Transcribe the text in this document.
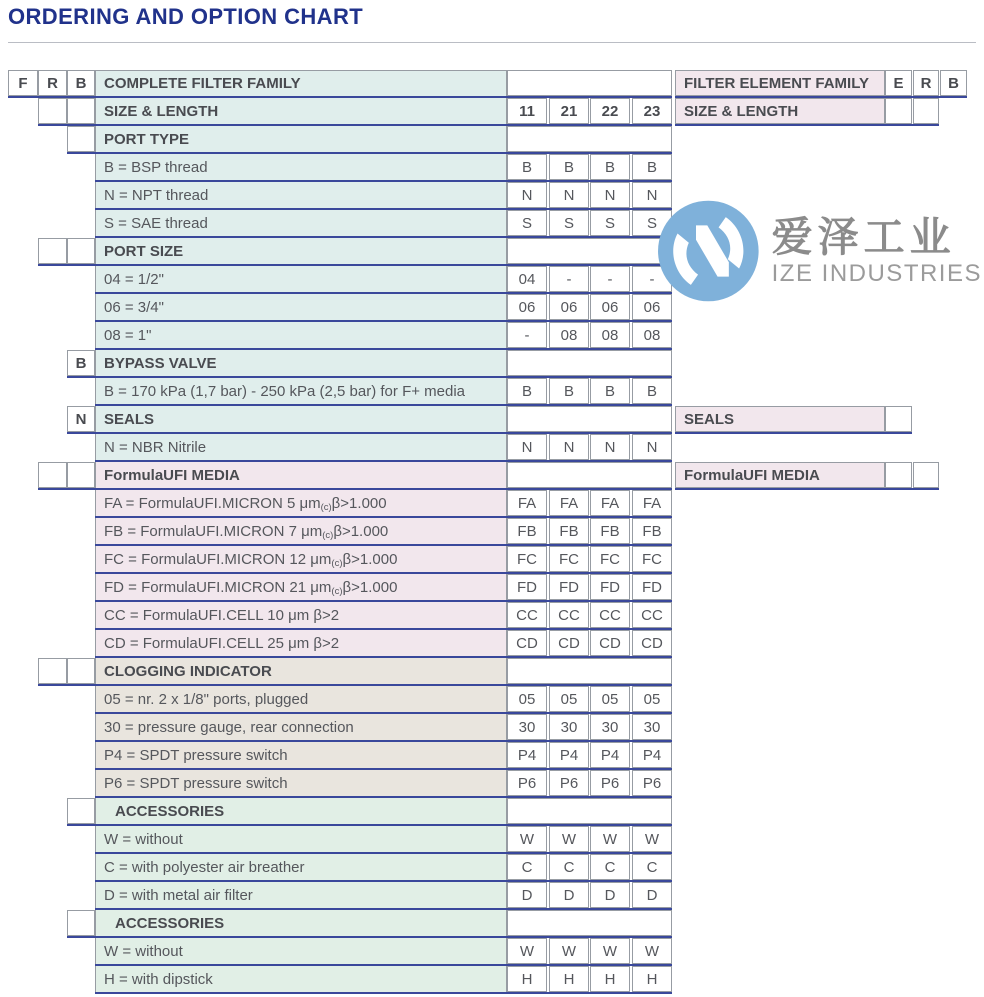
ORDERING AND OPTION CHART
F	R	B	COMPLETE FILTER FAMILY	FILTER ELEMENT FAMILY	E	R	B
SIZE & LENGTH	11	21	22	23	SIZE & LENGTH
PORT TYPE
B = BSP thread	B	B	B	B
N = NPT thread	N	N	N	N
S = SAE thread	S	S	S	S
PORT SIZE
04 = 1/2"	04	-	-	-
06 = 3/4"	06	06	06	06
08 = 1"	-	08	08	08
B	BYPASS VALVE
B = 170 kPa (1,7 bar) - 250 kPa (2,5 bar) for F+ media	B	B	B	B
N	SEALS	SEALS
N = NBR Nitrile	N	N	N	N
FormulaUFI MEDIA	FormulaUFI MEDIA
FA = FormulaUFI.MICRON 5 μm (c) β>1.000	FA	FA	FA	FA
FB = FormulaUFI.MICRON 7 μm (c) β>1.000	FB	FB	FB	FB
FC = FormulaUFI.MICRON 12 μm (c) β>1.000	FC	FC	FC	FC
FD = FormulaUFI.MICRON 21 μm (c) β>1.000	FD	FD	FD	FD
CC = FormulaUFI.CELL 10 μm β>2	CC	CC	CC	CC
CD = FormulaUFI.CELL 25 μm β>2	CD	CD	CD	CD
CLOGGING INDICATOR
05 = nr. 2 x 1/8" ports, plugged	05	05	05	05
30 = pressure gauge, rear connection	30	30	30	30
P4 = SPDT pressure switch	P4	P4	P4	P4
P6 = SPDT pressure switch	P6	P6	P6	P6
ACCESSORIES
W = without	W	W	W	W
C = with polyester air breather	C	C	C	C
D = with metal air filter	D	D	D	D
ACCESSORIES
W = without	W	W	W	W
H = with dipstick	H	H	H	H
爱泽工业
IZE INDUSTRIES
